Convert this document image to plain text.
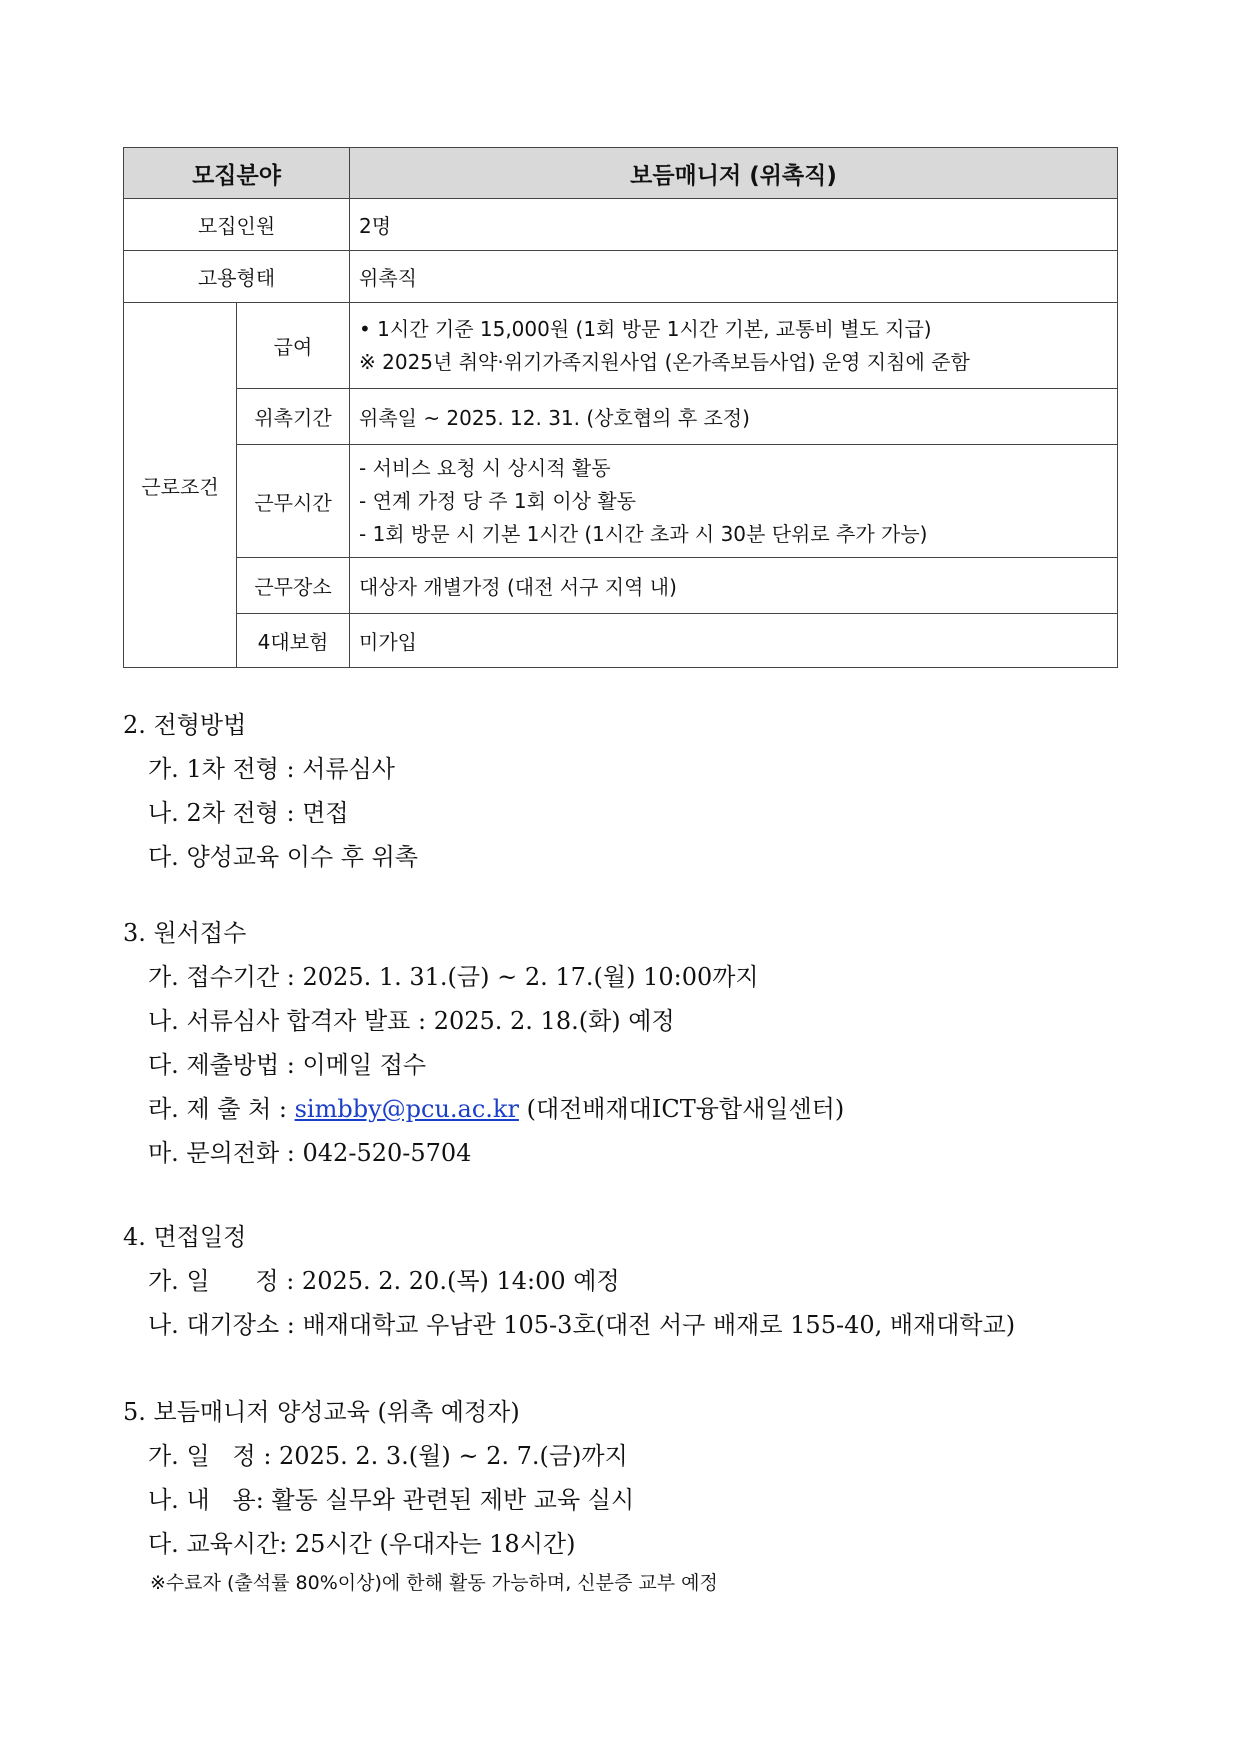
모집분야		보듬매니저 (위촉직)
모집인원		2명
고용형태		위촉직
근로조건	급여	• 1시간 기준 15,000원 (1회 방문 1시간 기본, 교통비 별도 지급)
※ 2025년 취약·위기가족지원사업 (온가족보듬사업) 운영 지침에 준함

	위촉기간	위촉일 ~ 2025. 12. 31. (상호협의 후 조정)
	근무시간	- 서비스 요청 시 상시적 활동
- 연계 가정 당 주 1회 이상 활동
- 1회 방문 시 기본 1시간 (1시간 초과 시 30분 단위로 추가 가능)

	근무장소	대상자 개별가정 (대전 서구 지역 내)
	4대보험	미가입
2. 전형방법
가. 1차 전형 : 서류심사
나. 2차 전형 : 면접
다. 양성교육 이수 후 위촉
3. 원서접수
가. 접수기간 : 2025. 1. 31.(금) ~ 2. 17.(월) 10:00까지
나. 서류심사 합격자 발표 : 2025. 2. 18.(화) 예정
다. 제출방법 : 이메일 접수
라. 제 출 처 : simbby@pcu.ac.kr (대전배재대ICT융합새일센터)
마. 문의전화 : 042-520-5704
4. 면접일정
가. 일      정 : 2025. 2. 20.(목) 14:00 예정
나. 대기장소 : 배재대학교 우남관 105-3호(대전 서구 배재로 155-40, 배재대학교)
5. 보듬매니저 양성교육 (위촉 예정자)
가. 일   정 : 2025. 2. 3.(월) ~ 2. 7.(금)까지
나. 내   용: 활동 실무와 관련된 제반 교육 실시
다. 교육시간: 25시간 (우대자는 18시간)
※수료자 (출석률 80%이상)에 한해 활동 가능하며, 신분증 교부 예정
